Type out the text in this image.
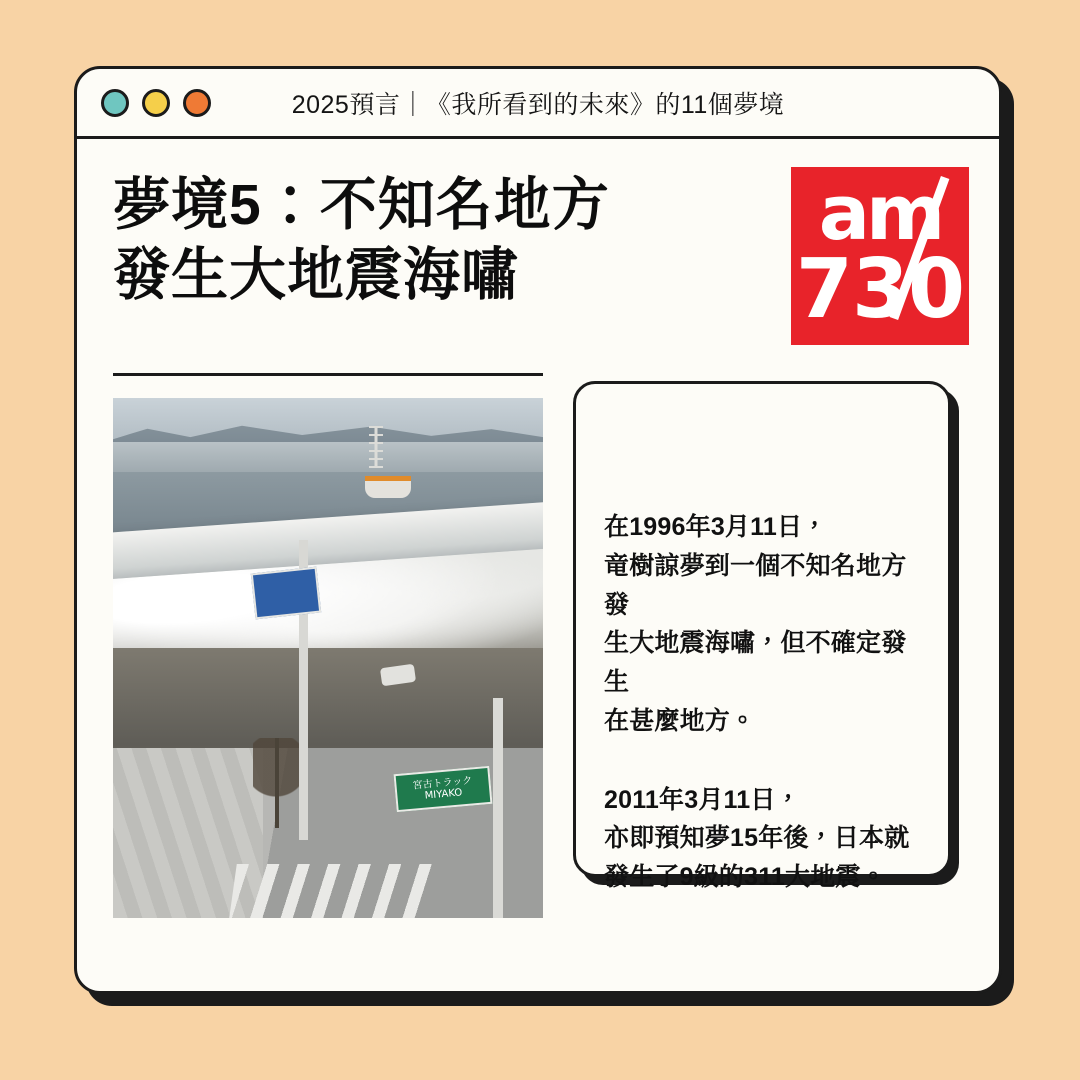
2025預言｜《我所看到的未來》的11個夢境
夢境5：不知名地方
發生大地震海嘯
am
730
宮古トラック
MIYAKO

在1996年3月11日，
竜樹諒夢到一個不知名地方發
生大地震海嘯，但不確定發生
在甚麼地方。

2011年3月11日，
亦即預知夢15年後，日本就
發生了9級的311大地震。
